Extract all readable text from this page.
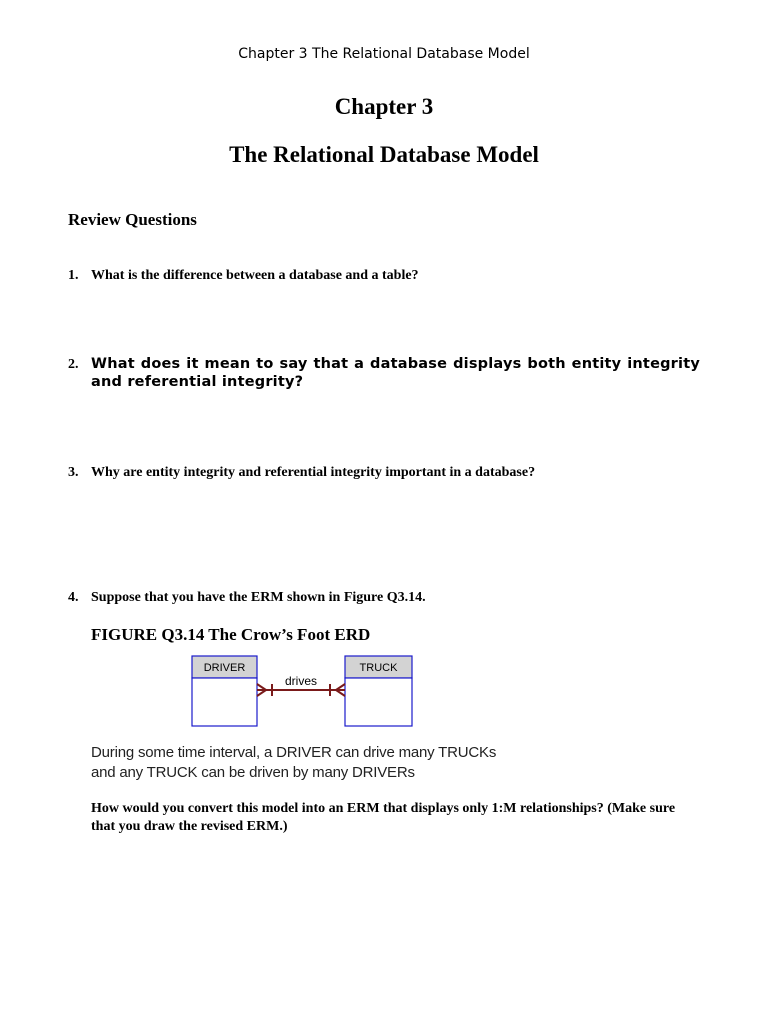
Chapter 3 The Relational Database Model
Chapter 3
The Relational Database Model
Review Questions
1. What is the difference between a database and a table?
2. What does it mean to say that a database displays both entity integrity and referential integrity?
3. Why are entity integrity and referential integrity important in a database?
4. Suppose that you have the ERM shown in Figure Q3.14.
FIGURE Q3.14 The Crow’s Foot ERD
DRIVER	TRUCK
drives
During some time interval, a DRIVER can drive many TRUCKs
and any TRUCK can be driven by many DRIVERs
How would you convert this model into an ERM that displays only 1:M relationships? (Make sure that you draw the revised ERM.)
